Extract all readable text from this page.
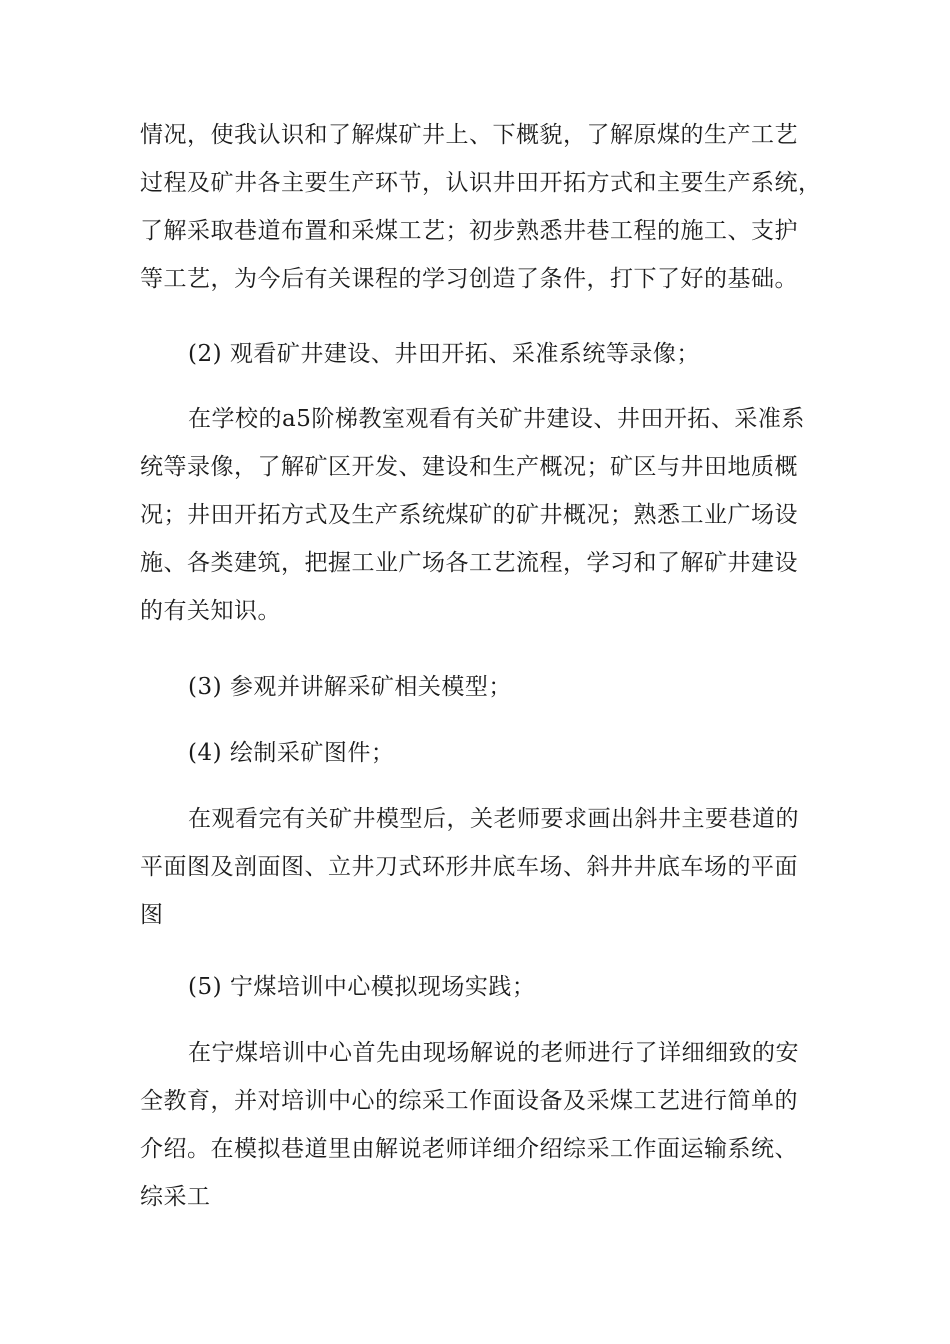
情况，使我认识和了解煤矿井上、下概貌，了解原煤的生产工艺
过程及矿井各主要生产环节，认识井田开拓方式和主要生产系统，
了解采取巷道布置和采煤工艺；初步熟悉井巷工程的施工、支护
等工艺，为今后有关课程的学习创造了条件，打下了好的基础。
(2) 观看矿井建设、井田开拓、采准系统等录像；
在学校的a5阶梯教室观看有关矿井建设、井田开拓、采准系
统等录像，了解矿区开发、建设和生产概况；矿区与井田地质概
况；井田开拓方式及生产系统煤矿的矿井概况；熟悉工业广场设
施、各类建筑，把握工业广场各工艺流程，学习和了解矿井建设
的有关知识。
(3) 参观并讲解采矿相关模型；
(4) 绘制采矿图件；
在观看完有关矿井模型后，关老师要求画出斜井主要巷道的
平面图及剖面图、立井刀式环形井底车场、斜井井底车场的平面
图
(5) 宁煤培训中心模拟现场实践；
在宁煤培训中心首先由现场解说的老师进行了详细细致的安
全教育，并对培训中心的综采工作面设备及采煤工艺进行简单的
介绍。在模拟巷道里由解说老师详细介绍综采工作面运输系统、
综采工
